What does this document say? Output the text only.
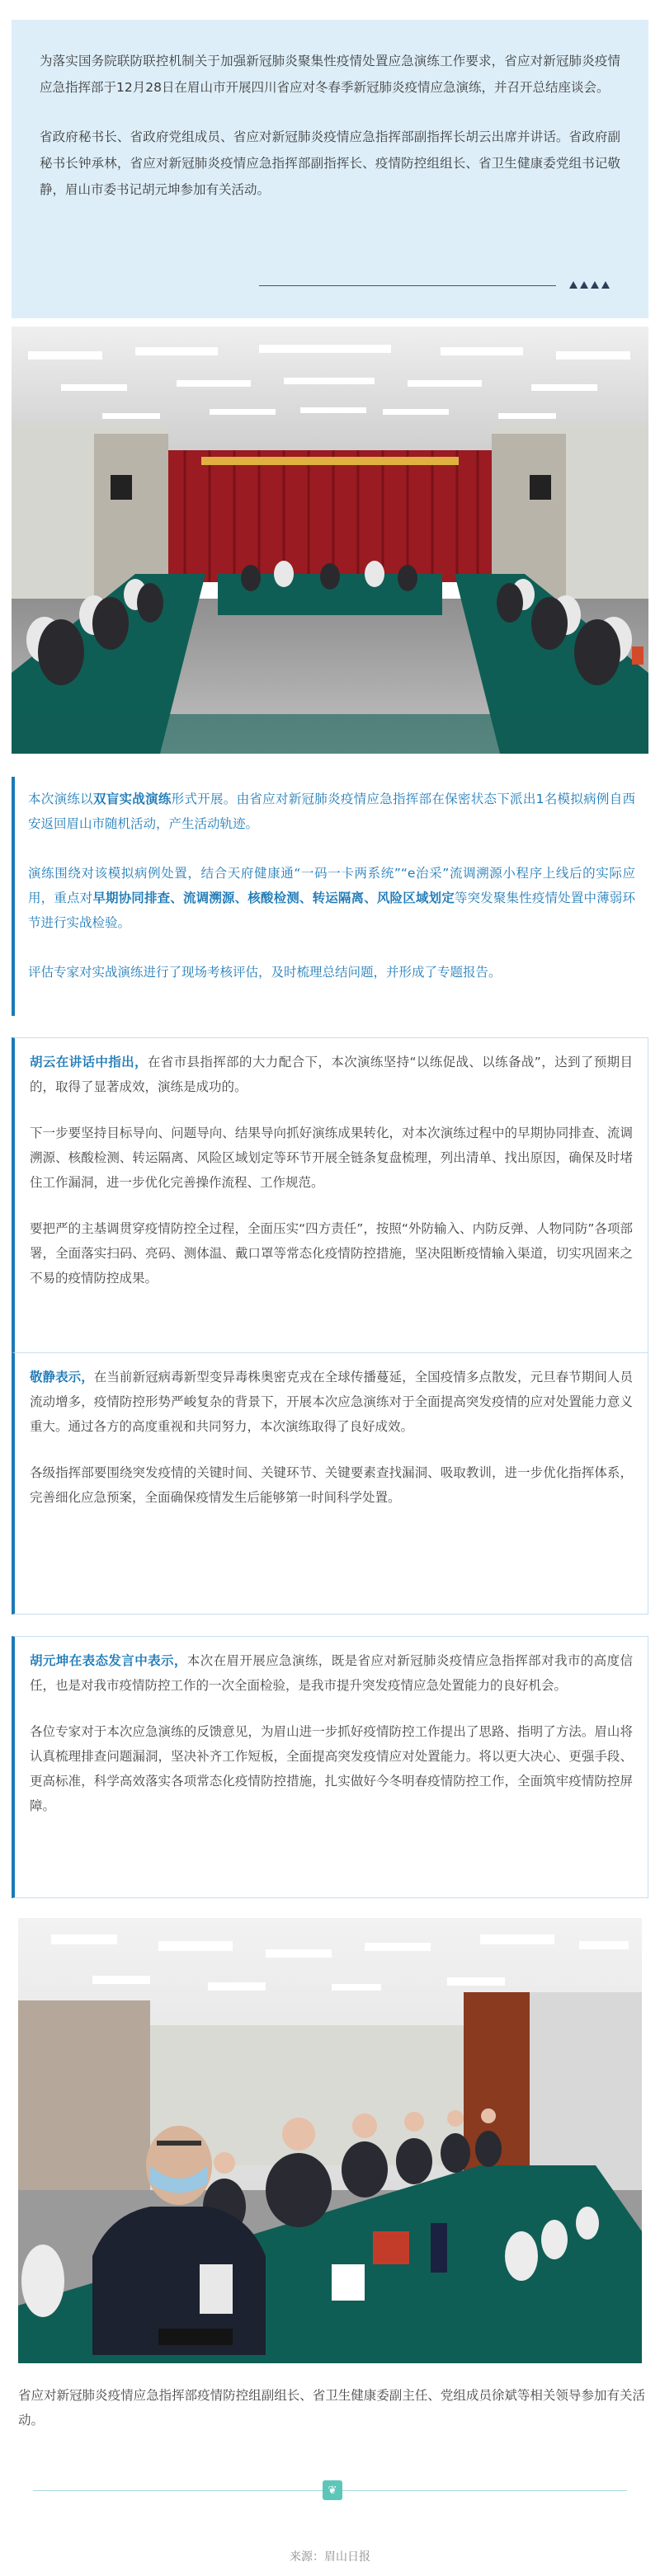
为落实国务院联防联控机制关于加强新冠肺炎聚集性疫情处置应急演练工作要求，省应对新冠肺炎疫情应急指挥部于12月28日在眉山市开展四川省应对冬春季新冠肺炎疫情应急演练，并召开总结座谈会。

省政府秘书长、省政府党组成员、省应对新冠肺炎疫情应急指挥部副指挥长胡云出席并讲话。省政府副秘书长钟承林，省应对新冠肺炎疫情应急指挥部副指挥长、疫情防控组组长、省卫生健康委党组书记敬静，眉山市委书记胡元坤参加有关活动。

本次演练以双盲实战演练形式开展。由省应对新冠肺炎疫情应急指挥部在保密状态下派出1名模拟病例自西安返回眉山市随机活动，产生活动轨迹。

演练围绕对该模拟病例处置，结合天府健康通“一码一卡两系统”“e治采”流调溯源小程序上线后的实际应用，重点对早期协同排查、流调溯源、核酸检测、转运隔离、风险区域划定等突发聚集性疫情处置中薄弱环节进行实战检验。

评估专家对实战演练进行了现场考核评估，及时梳理总结问题，并形成了专题报告。

胡云在讲话中指出，在省市县指挥部的大力配合下，本次演练坚持“以练促战、以练备战”，达到了预期目的，取得了显著成效，演练是成功的。

下一步要坚持目标导向、问题导向、结果导向抓好演练成果转化，对本次演练过程中的早期协同排查、流调溯源、核酸检测、转运隔离、风险区域划定等环节开展全链条复盘梳理，列出清单、找出原因，确保及时堵住工作漏洞，进一步优化完善操作流程、工作规范。

要把严的主基调贯穿疫情防控全过程，全面压实“四方责任”，按照“外防输入、内防反弹、人物同防”各项部署，全面落实扫码、亮码、测体温、戴口罩等常态化疫情防控措施，坚决阻断疫情输入渠道，切实巩固来之不易的疫情防控成果。

敬静表示，在当前新冠病毒新型变异毒株奥密克戎在全球传播蔓延，全国疫情多点散发，元旦春节期间人员流动增多，疫情防控形势严峻复杂的背景下，开展本次应急演练对于全面提高突发疫情的应对处置能力意义重大。通过各方的高度重视和共同努力，本次演练取得了良好成效。

各级指挥部要围绕突发疫情的关键时间、关键环节、关键要素查找漏洞、吸取教训，进一步优化指挥体系，完善细化应急预案，全面确保疫情发生后能够第一时间科学处置。

胡元坤在表态发言中表示，本次在眉开展应急演练，既是省应对新冠肺炎疫情应急指挥部对我市的高度信任，也是对我市疫情防控工作的一次全面检验，是我市提升突发疫情应急处置能力的良好机会。

各位专家对于本次应急演练的反馈意见，为眉山进一步抓好疫情防控工作提出了思路、指明了方法。眉山将认真梳理排查问题漏洞，坚决补齐工作短板，全面提高突发疫情应对处置能力。将以更大决心、更强手段、更高标准，科学高效落实各项常态化疫情防控措施，扎实做好今冬明春疫情防控工作，全面筑牢疫情防控屏障。

省应对新冠肺炎疫情应急指挥部疫情防控组副组长、省卫生健康委副主任、党组成员徐斌等相关领导参加有关活动。
❦
来源：眉山日报
